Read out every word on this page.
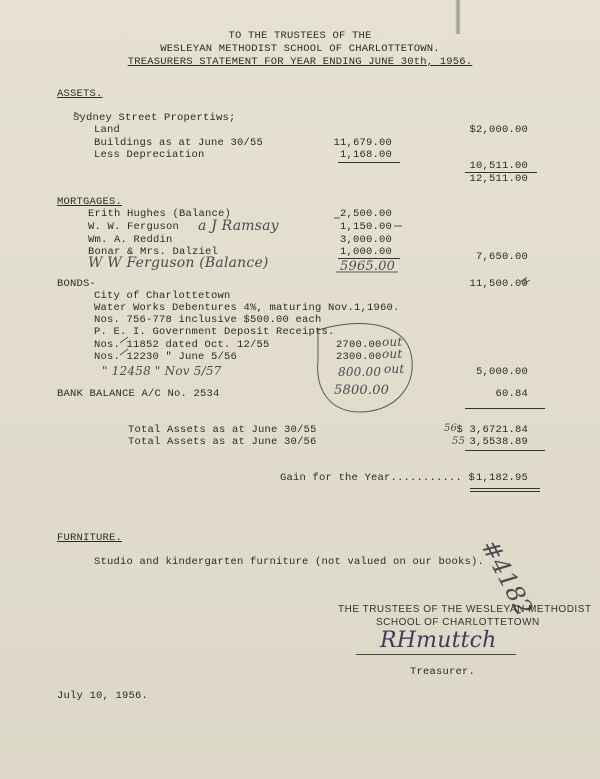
TO THE TRUSTEES OF THE
WESLEYAN METHODIST SCHOOL OF CHARLOTTETOWN.
TREASURERS STATEMENT FOR YEAR ENDING JUNE 30th, 1956.
ASSETS.
Sydney Street Propertiws;
Land	$2,000.00
Buildings as at June 30/55	11,679.00
Less Depreciation	1,168.00
10,511.00
12,511.00
MORTGAGES.
Erith Hughes (Balance)	2,500.00
W. W. Ferguson a J Ramsay	1,150.00
Wm. A. Reddin	3,000.00
Bonar & Mrs. Dalziel	1,000.00
W W Ferguson (Balance)	5965.00
7,650.00
BONDS-	11,500.00
City of Charlottetown
Water Works Debentures 4%, maturing Nov.1,1960.
Nos. 756-778 inclusive $500.00 each
P. E. I. Government Deposit Receipts.
Nos. 11852 dated Oct. 12/55	2700.00 out
Nos. 12230 " June 5/56	2300.00 out
" 12458 " Nov 5/57	800.00 out
5800.00
5,000.00
BANK BALANCE A/C No. 2534	60.84
Total Assets as at June 30/55	56 $ 3,6721.84
Total Assets as at June 30/56	55 3,5538.89
Gain for the Year........... $ 1,182.95
FURNITURE.
Studio and kindergarten furniture (not valued on our books).
#4182
THE TRUSTEES OF THE WESLEYAN METHODIST
SCHOOL OF CHARLOTTETOWN
RHmuttch
Treasurer.
July 10, 1956.
